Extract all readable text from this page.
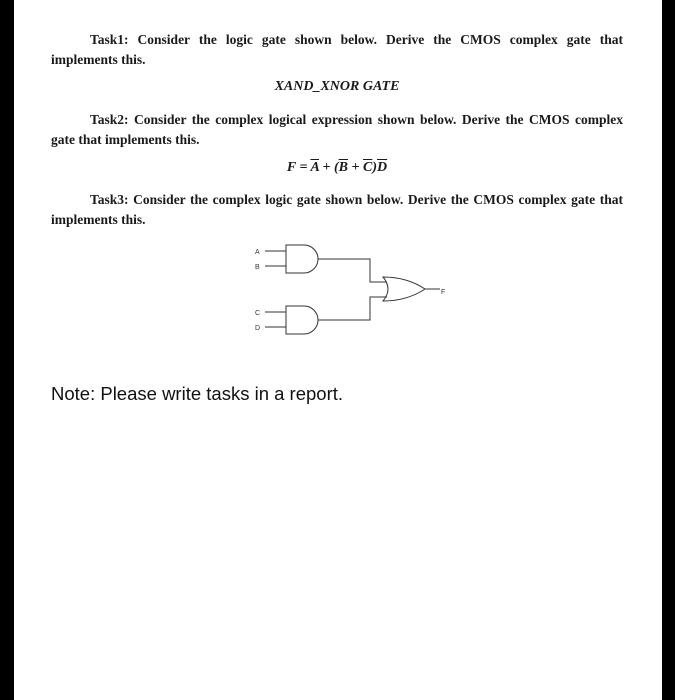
Task1: Consider the logic gate shown below. Derive the CMOS complex gate that implements this.

XAND_XNOR GATE

Task2: Consider the complex logical expression shown below. Derive the CMOS complex gate that implements this.

$F = \overline{A} + (\overline{B} + \overline{C})\overline{D}$

Task3: Consider the complex logic gate shown below. Derive the CMOS complex gate that implements this.

A
B
C
D
F

Note: Please write tasks in a report.
